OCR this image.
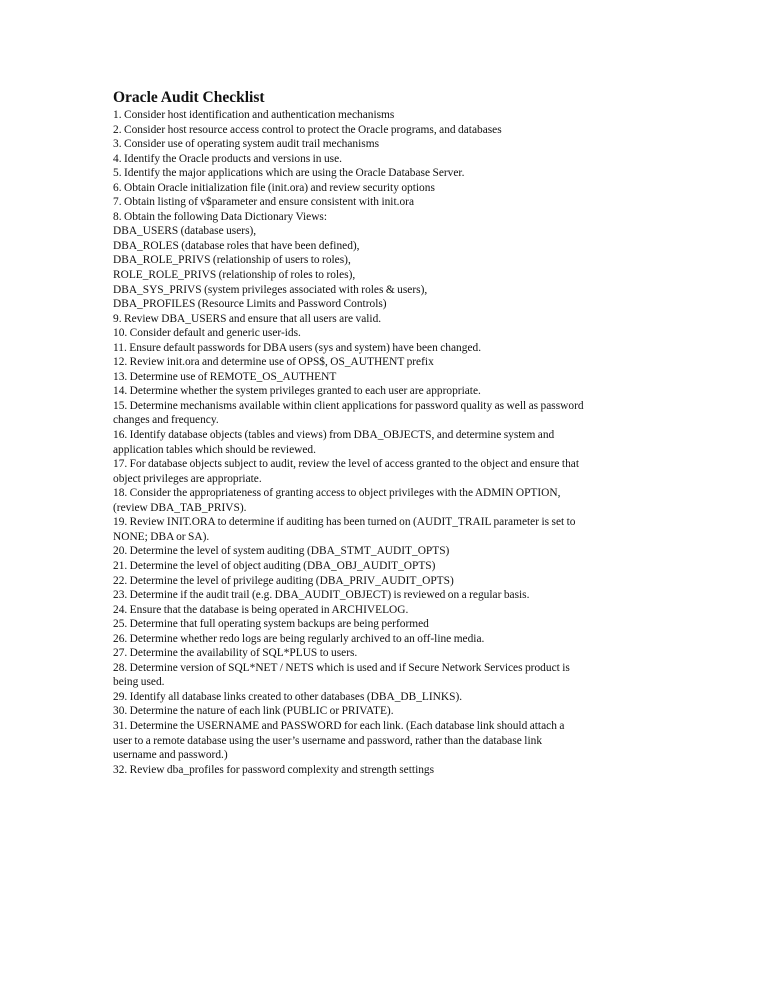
Oracle Audit Checklist
1. Consider host identification and authentication mechanisms
2. Consider host resource access control to protect the Oracle programs, and databases
3. Consider use of operating system audit trail mechanisms
4. Identify the Oracle products and versions in use.
5. Identify the major applications which are using the Oracle Database Server.
6. Obtain Oracle initialization file (init.ora) and review security options
7. Obtain listing of v$parameter and ensure consistent with init.ora
8. Obtain the following Data Dictionary Views:
DBA_USERS (database users),
DBA_ROLES (database roles that have been defined),
DBA_ROLE_PRIVS (relationship of users to roles),
ROLE_ROLE_PRIVS (relationship of roles to roles),
DBA_SYS_PRIVS (system privileges associated with roles & users),
DBA_PROFILES (Resource Limits and Password Controls)
9. Review DBA_USERS and ensure that all users are valid.
10. Consider default and generic user-ids.
11. Ensure default passwords for DBA users (sys and system) have been changed.
12. Review init.ora and determine use of OPS$, OS_AUTHENT prefix
13. Determine use of REMOTE_OS_AUTHENT
14. Determine whether the system privileges granted to each user are appropriate.
15. Determine mechanisms available within client applications for password quality as well as password
changes and frequency.
16. Identify database objects (tables and views) from DBA_OBJECTS, and determine system and
application tables which should be reviewed.
17. For database objects subject to audit, review the level of access granted to the object and ensure that
object privileges are appropriate.
18. Consider the appropriateness of granting access to object privileges with the ADMIN OPTION,
(review DBA_TAB_PRIVS).
19. Review INIT.ORA to determine if auditing has been turned on (AUDIT_TRAIL parameter is set to
NONE; DBA or SA).
20. Determine the level of system auditing (DBA_STMT_AUDIT_OPTS)
21. Determine the level of object auditing (DBA_OBJ_AUDIT_OPTS)
22. Determine the level of privilege auditing (DBA_PRIV_AUDIT_OPTS)
23. Determine if the audit trail (e.g. DBA_AUDIT_OBJECT) is reviewed on a regular basis.
24. Ensure that the database is being operated in ARCHIVELOG.
25. Determine that full operating system backups are being performed
26. Determine whether redo logs are being regularly archived to an off-line media.
27. Determine the availability of SQL*PLUS to users.
28. Determine version of SQL*NET / NETS which is used and if Secure Network Services product is
being used.
29. Identify all database links created to other databases (DBA_DB_LINKS).
30. Determine the nature of each link (PUBLIC or PRIVATE).
31. Determine the USERNAME and PASSWORD for each link. (Each database link should attach a
user to a remote database using the user’s username and password, rather than the database link
username and password.)
32. Review dba_profiles for password complexity and strength settings
